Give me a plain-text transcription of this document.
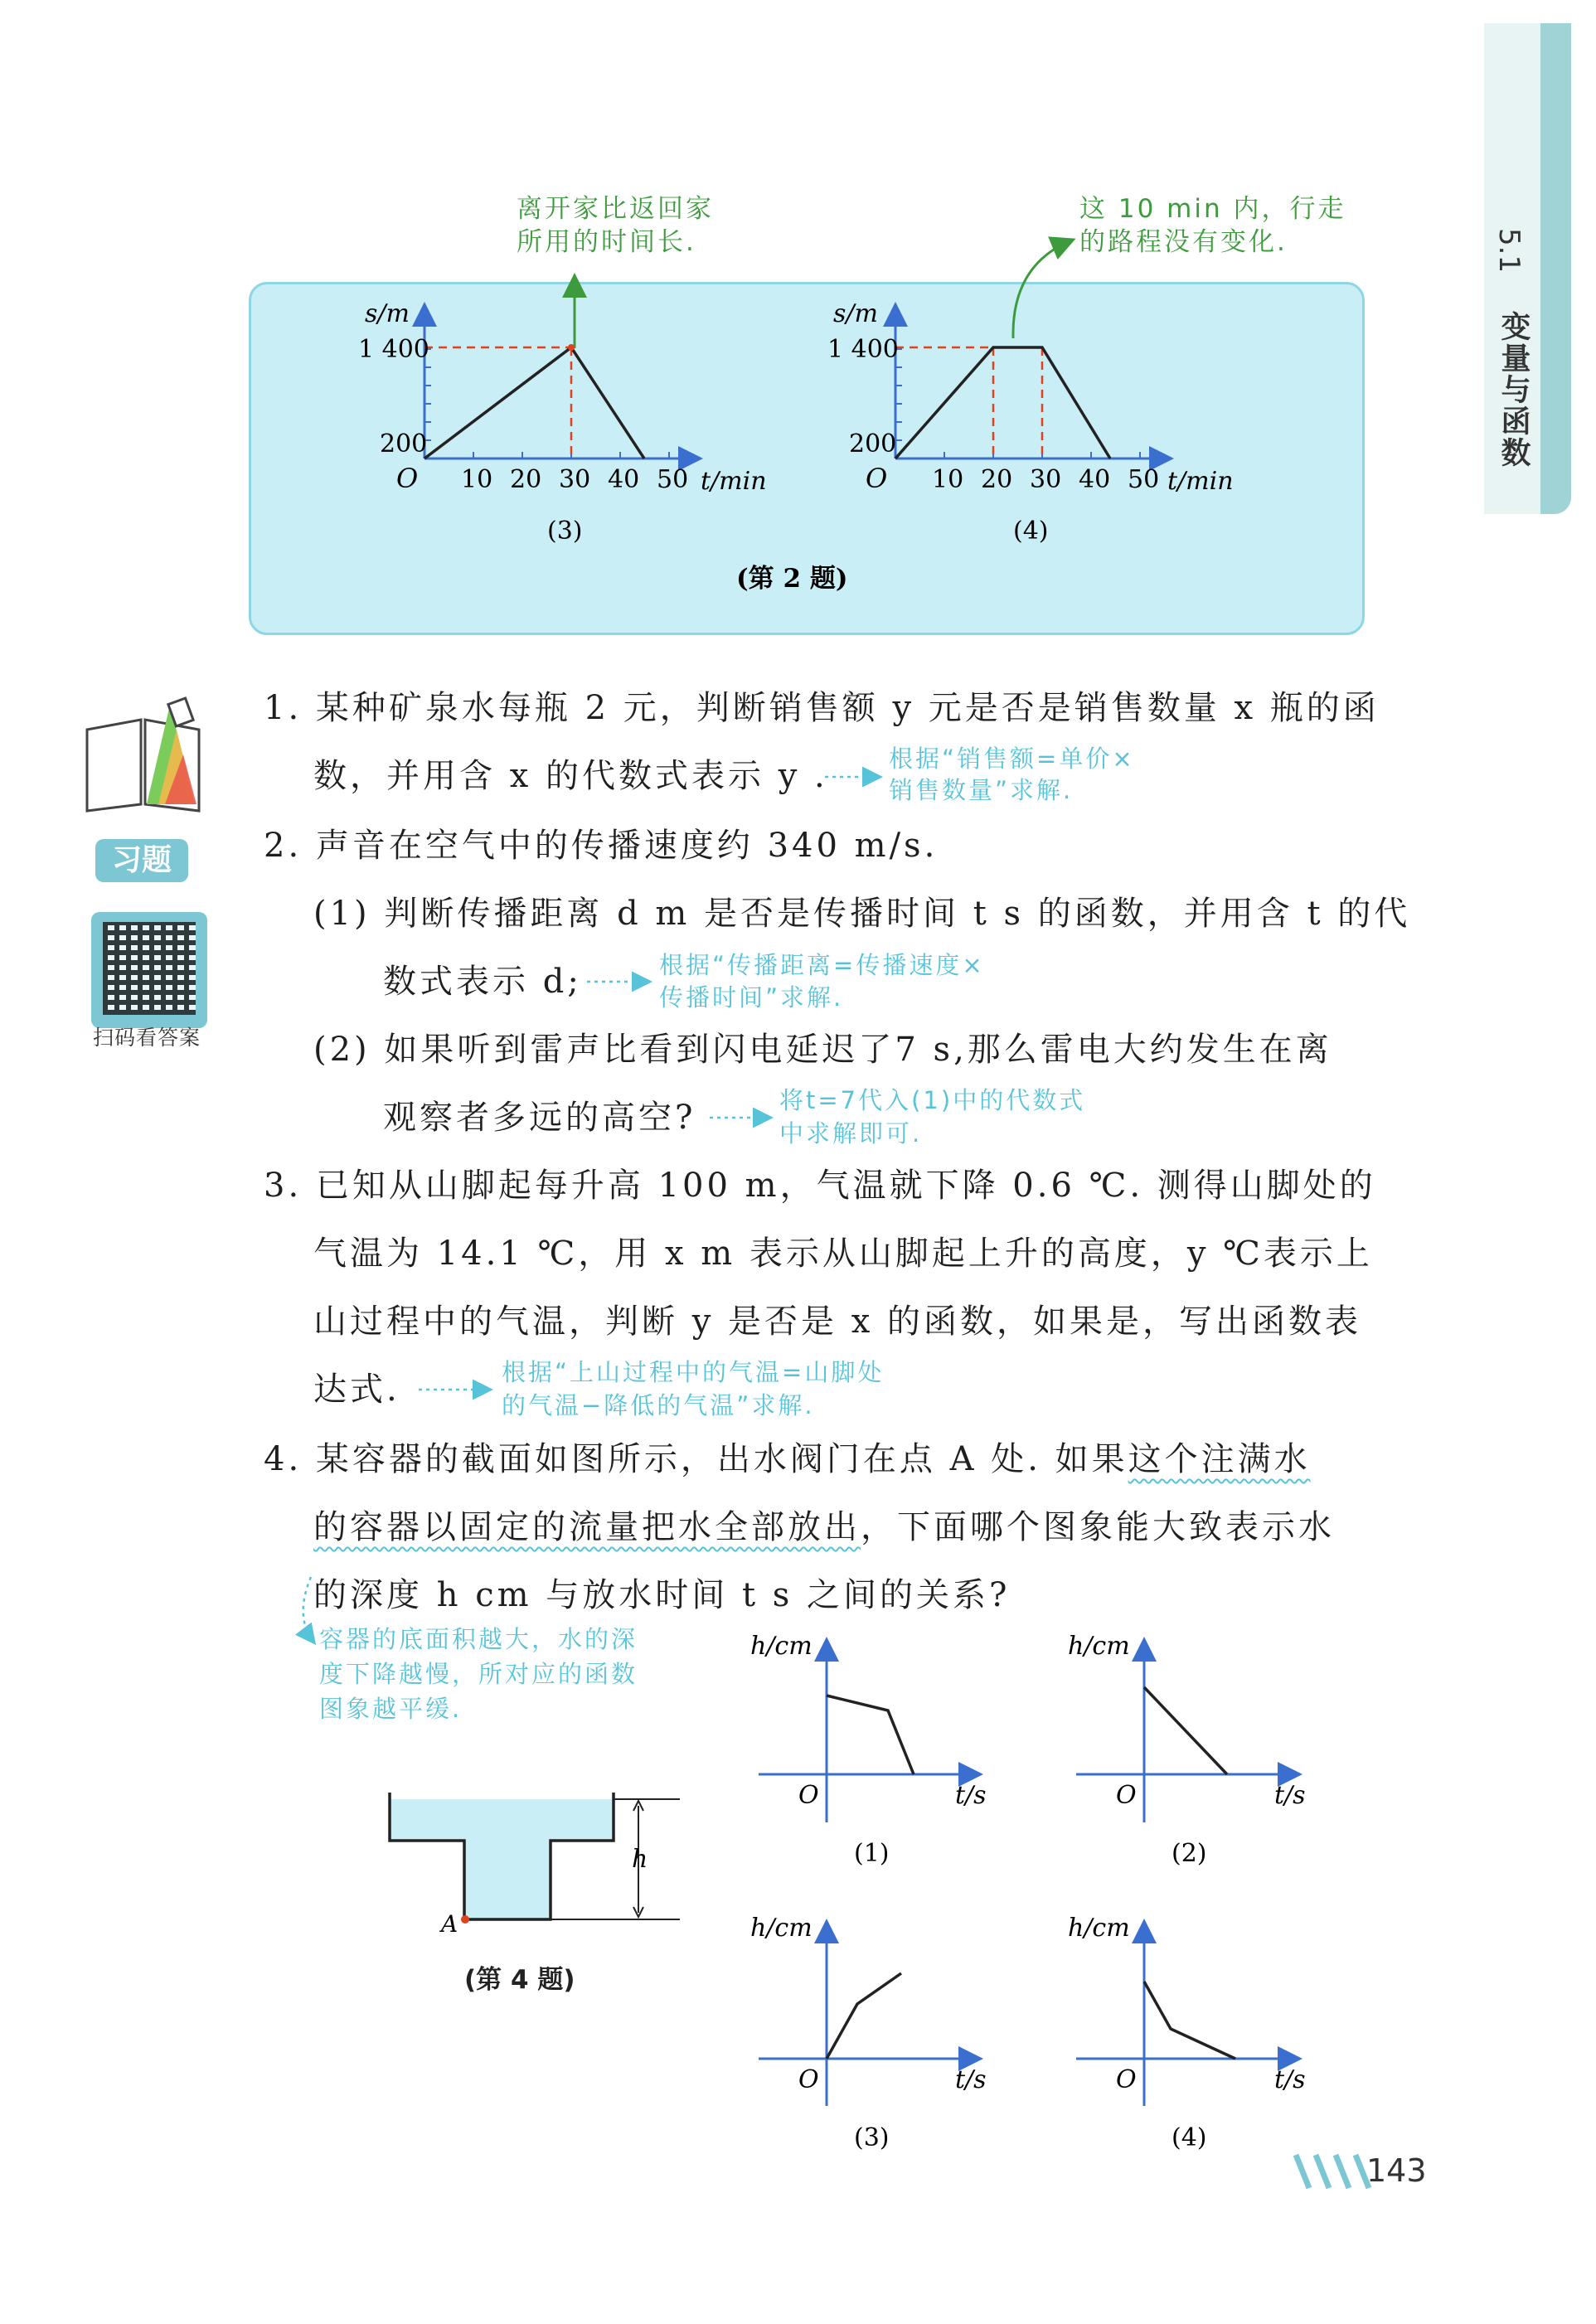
5.1
变量与函数
离开家比返回家
所用的时间长.
这 10 min 内，行走
的路程没有变化.
s/m
1 400
200
O 10 20 30 40 50 t/min
(3)
s/m
1 400
200
O 10 20 30 40 50 t/min
(4)
(第 2 题)
习题
扫码看答案
1. 某种矿泉水每瓶 2 元，判断销售额 y 元是否是销售数量 x 瓶的函
数，并用含 x 的代数式表示 y .	根据“销售额=单价×
销售数量”求解.
2. 声音在空气中的传播速度约 340 m/s.
(1) 判断传播距离 d m 是否是传播时间 t s 的函数，并用含 t 的代
数式表示 d;	根据“传播距离=传播速度×
传播时间”求解.
(2) 如果听到雷声比看到闪电延迟了7 s,那么雷电大约发生在离
观察者多远的高空?	将t=7代入(1)中的代数式
中求解即可.
3. 已知从山脚起每升高 100 m，气温就下降 0.6 ℃. 测得山脚处的
气温为 14.1 ℃，用 x m 表示从山脚起上升的高度，y ℃表示上
山过程中的气温，判断 y 是否是 x 的函数，如果是，写出函数表
达式.	根据“上山过程中的气温=山脚处
的气温−降低的气温”求解.
4. 某容器的截面如图所示，出水阀门在点 A 处. 如果这个注满水
的容器以固定的流量把水全部放出，下面哪个图象能大致表示水
的深度 h cm 与放水时间 t s 之间的关系?
容器的底面积越大，水的深
度下降越慢，所对应的函数
图象越平缓.
A
h
(第 4 题)
h/cm
O	t/s
(1)
h/cm
O	t/s
(2)
h/cm
O	t/s
(3)
h/cm
O	t/s
(4)
143
